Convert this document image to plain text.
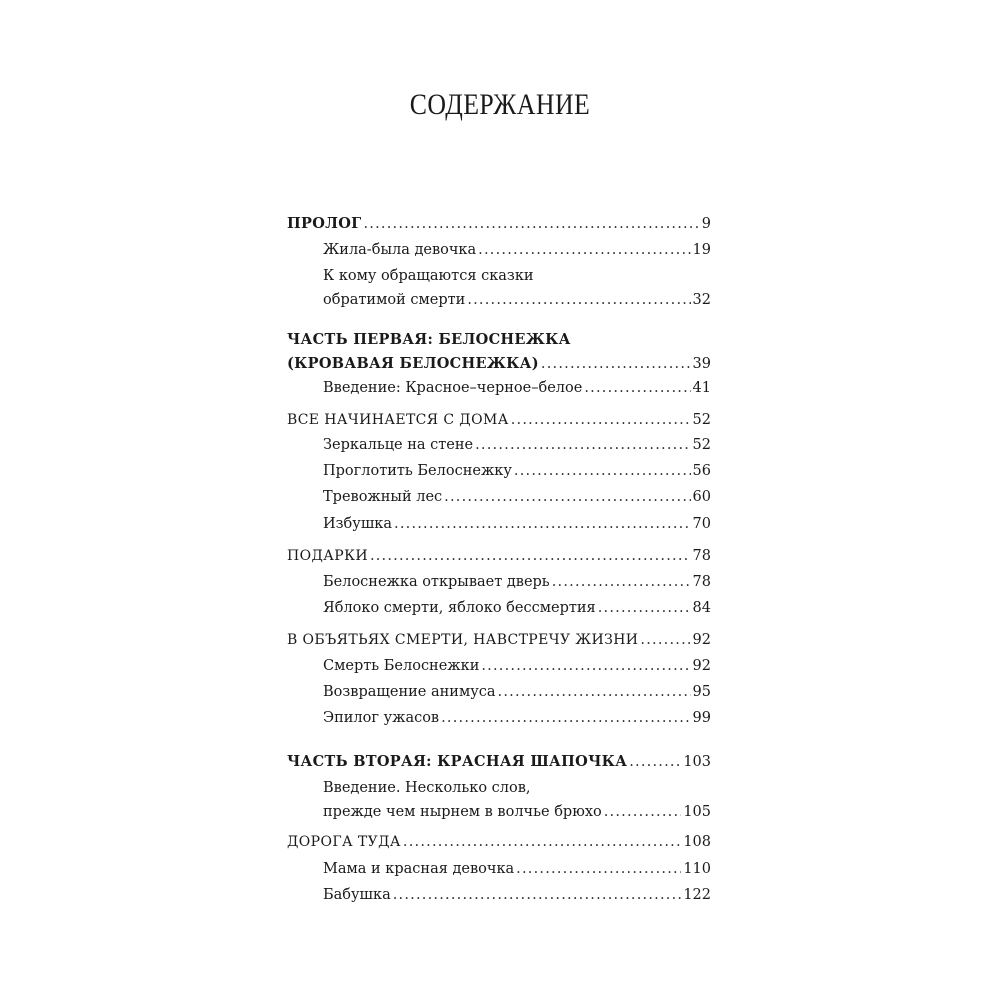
СОДЕРЖАНИЕ
ПРОЛОГ .....	9
Жила-была девочка .....	19
К кому обращаются сказки
обратимой смерти .....	32
ЧАСТЬ ПЕРВАЯ: БЕЛОСНЕЖКА
(КРОВАВАЯ БЕЛОСНЕЖКА) .....	39
Введение: Красное–черное–белое .....	41
ВСЕ НАЧИНАЕТСЯ С ДОМА .....	52
Зеркальце на стене .....	52
Проглотить Белоснежку .....	56
Тревожный лес .....	60
Избушка .....	70
ПОДАРКИ .....	78
Белоснежка открывает дверь .....	78
Яблоко смерти, яблоко бессмертия .....	84
В ОБЪЯТЬЯХ СМЕРТИ, НАВСТРЕЧУ ЖИЗНИ .....	92
Смерть Белоснежки .....	92
Возвращение анимуса .....	95
Эпилог ужасов .....	99
ЧАСТЬ ВТОРАЯ: КРАСНАЯ ШАПОЧКА .....	103
Введение. Несколько слов,
прежде чем нырнем в волчье брюхо .....	105
ДОРОГА ТУДА .....	108
Мама и красная девочка .....	110
Бабушка .....	122
